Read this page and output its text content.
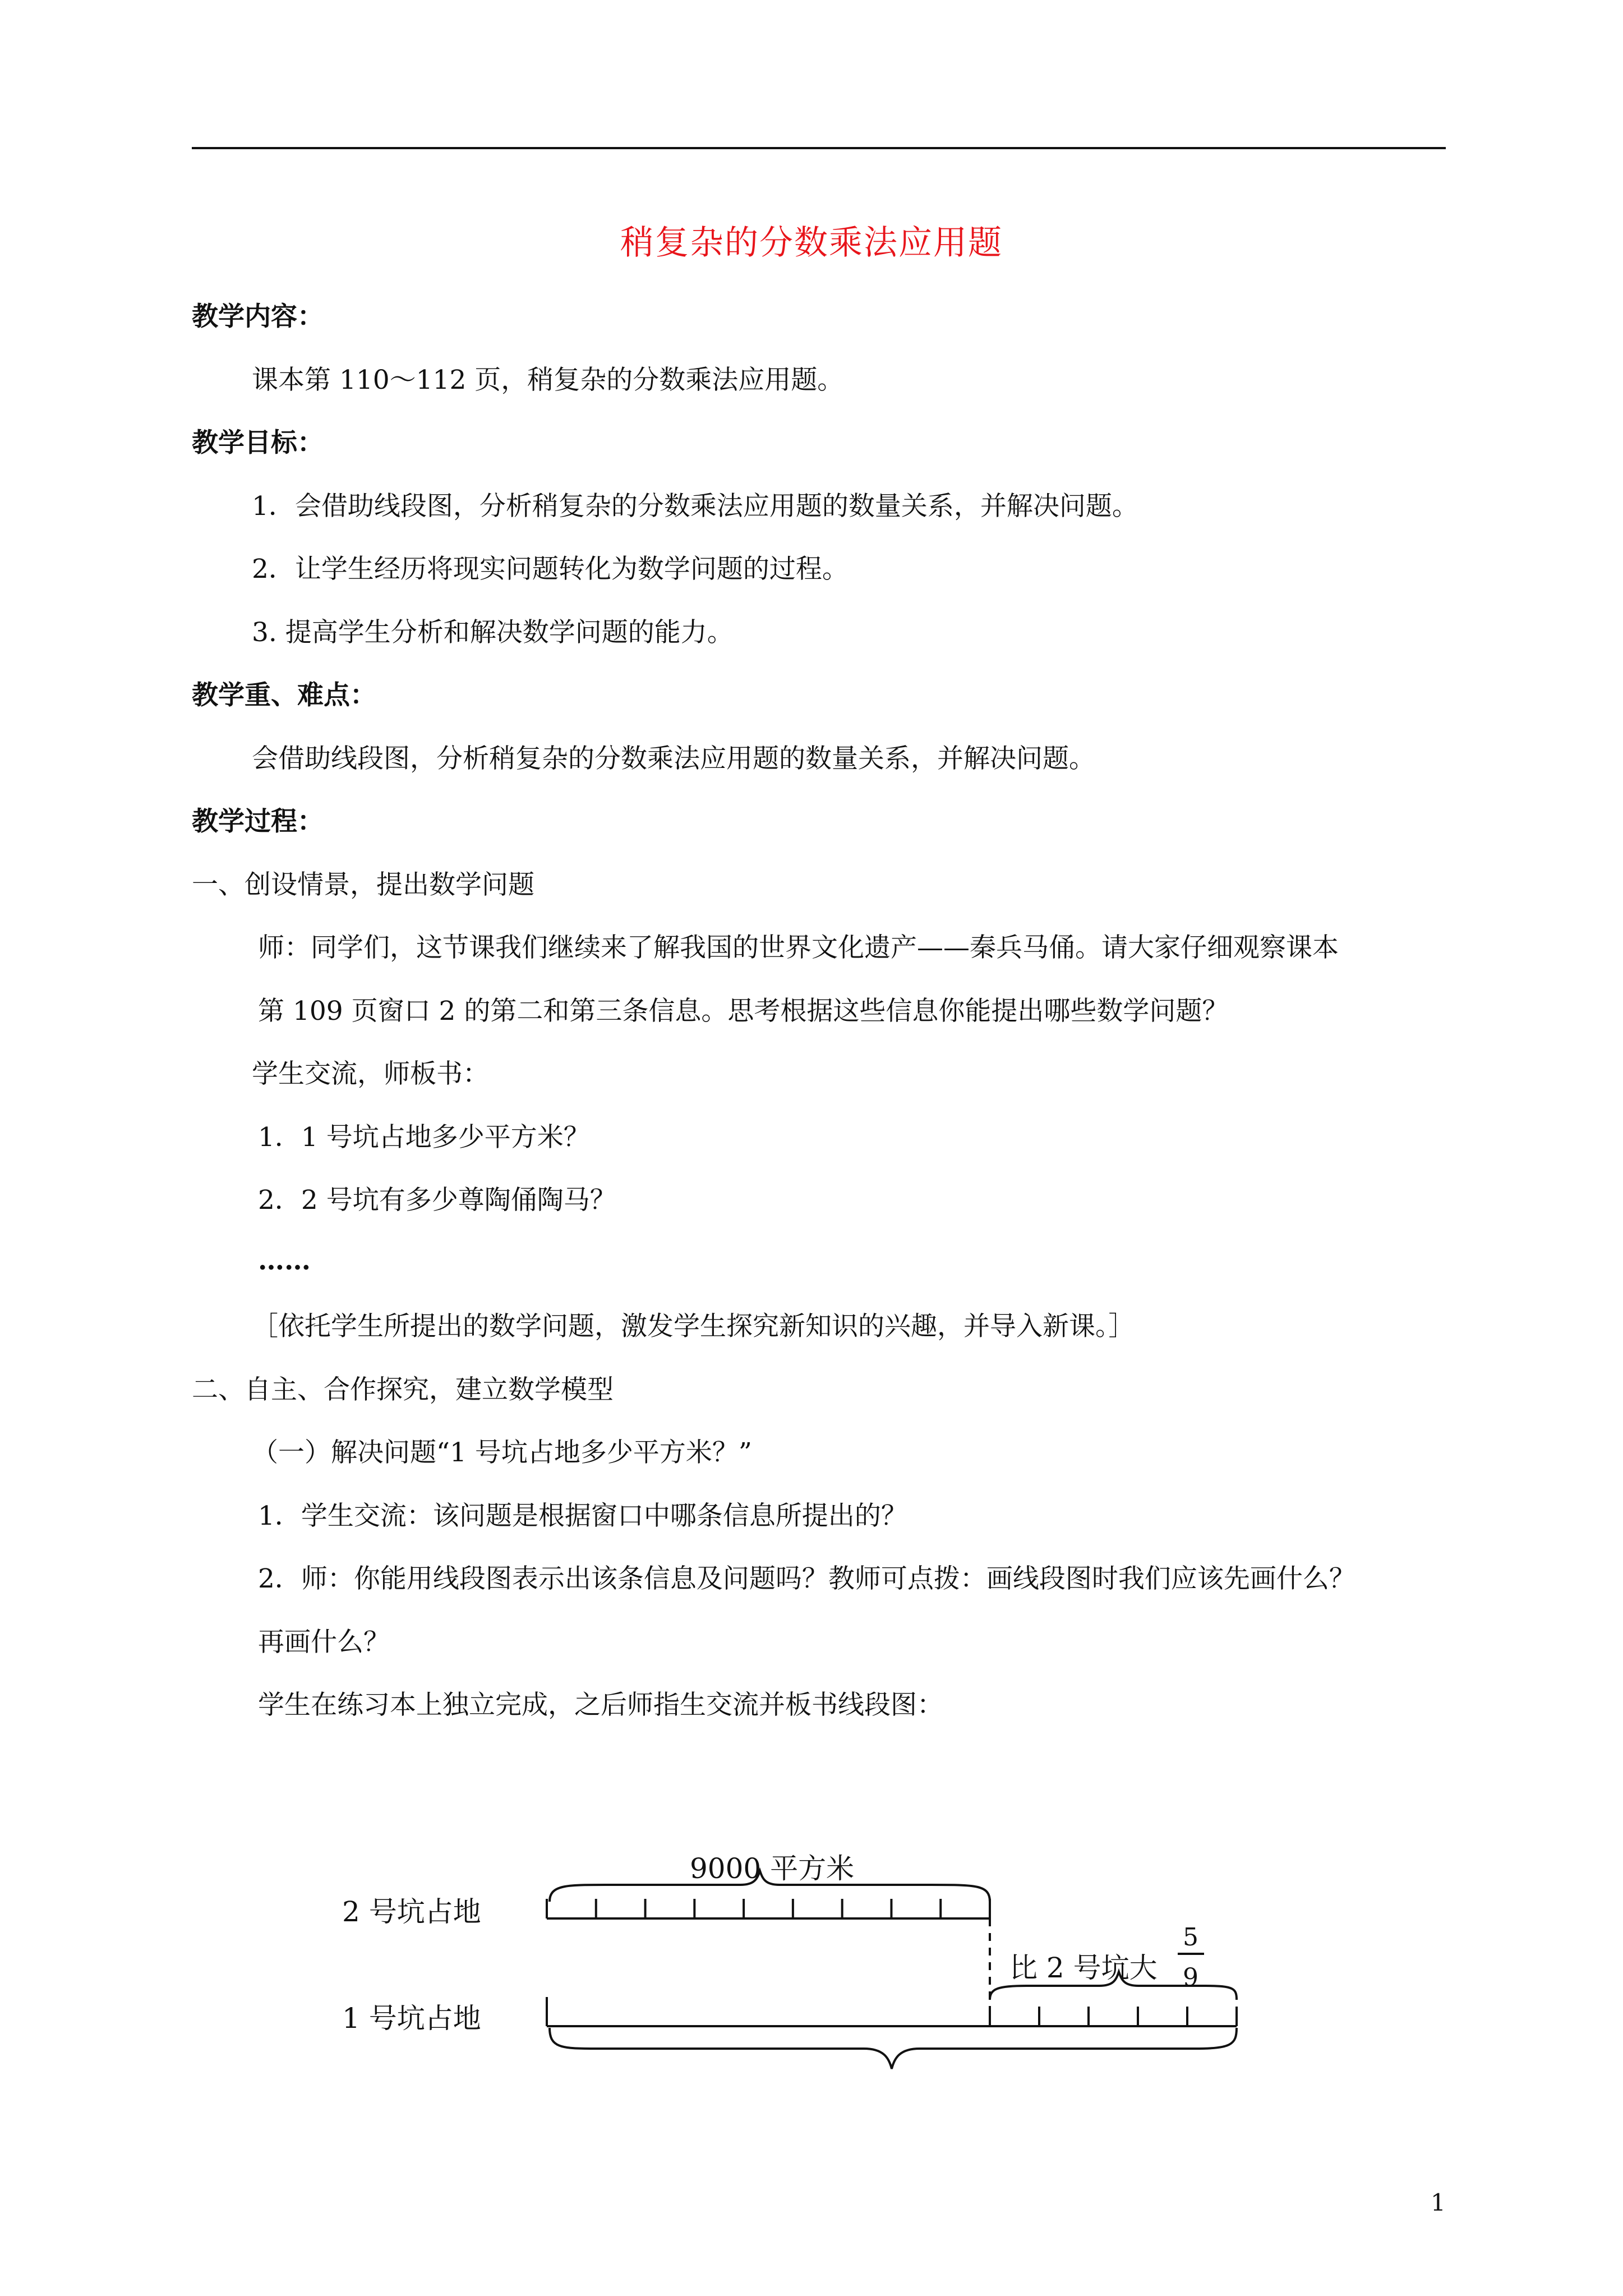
稍复杂的分数乘法应用题
教学内容：
课本第 110～112 页，稍复杂的分数乘法应用题。
教学目标：
1．会借助线段图，分析稍复杂的分数乘法应用题的数量关系，并解决问题。
2．让学生经历将现实问题转化为数学问题的过程。
3. 提高学生分析和解决数学问题的能力。
教学重、难点：
会借助线段图，分析稍复杂的分数乘法应用题的数量关系，并解决问题。
教学过程：
一、创设情景，提出数学问题
师：同学们，这节课我们继续来了解我国的世界文化遗产——秦兵马俑。请大家仔细观察课本
第 109 页窗口 2 的第二和第三条信息。思考根据这些信息你能提出哪些数学问题？
学生交流，师板书：
1．1 号坑占地多少平方米？
2．2 号坑有多少尊陶俑陶马？
……
［依托学生所提出的数学问题，激发学生探究新知识的兴趣，并导入新课。］
二、自主、合作探究，建立数学模型
（一）解决问题“1 号坑占地多少平方米？”
1．学生交流：该问题是根据窗口中哪条信息所提出的？
2．师：你能用线段图表示出该条信息及问题吗？教师可点拨：画线段图时我们应该先画什么？
再画什么？
学生在练习本上独立完成，之后师指生交流并板书线段图：
9000 平方米
2 号坑占地
1 号坑占地
比 2 号坑大
5
9
1
